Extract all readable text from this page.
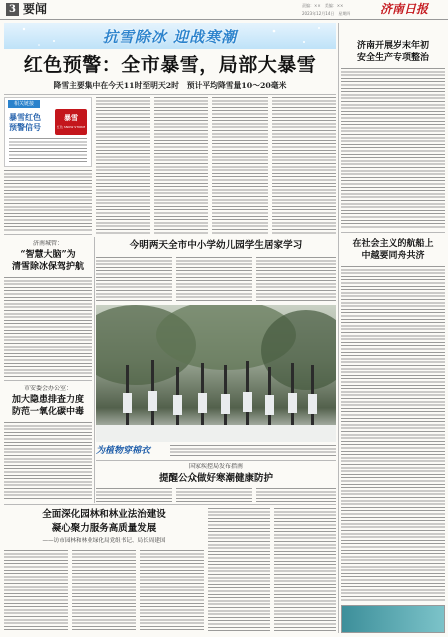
3 要闻	责编：××　美编：××
2023年12月14日　星期四	济南日报
抗雪除冰 迎战寒潮
红色预警：全市暴雪，局部大暴雪
降雪主要集中在今天11时至明天2时　预计平均降雪量10～20毫米
相关链接
暴雪红色
预警信号
暴雪
红色 SNOW STORM
济南城管：
“智慧大脑”为
清雪除冰保驾护航
市安委会办公室：
加大隐患排查力度
防范一氧化碳中毒
今明两天全市中小学幼儿园学生居家学习
为植物穿棉衣
国家疾控局发布指南
提醒公众做好寒潮健康防护
济南开展岁末年初
安全生产专项整治
在社会主义的航船上
中越要同舟共济
全面深化园林和林业法治建设
凝心聚力服务高质量发展
——访市园林和林业绿化局党组书记、局长周建国
